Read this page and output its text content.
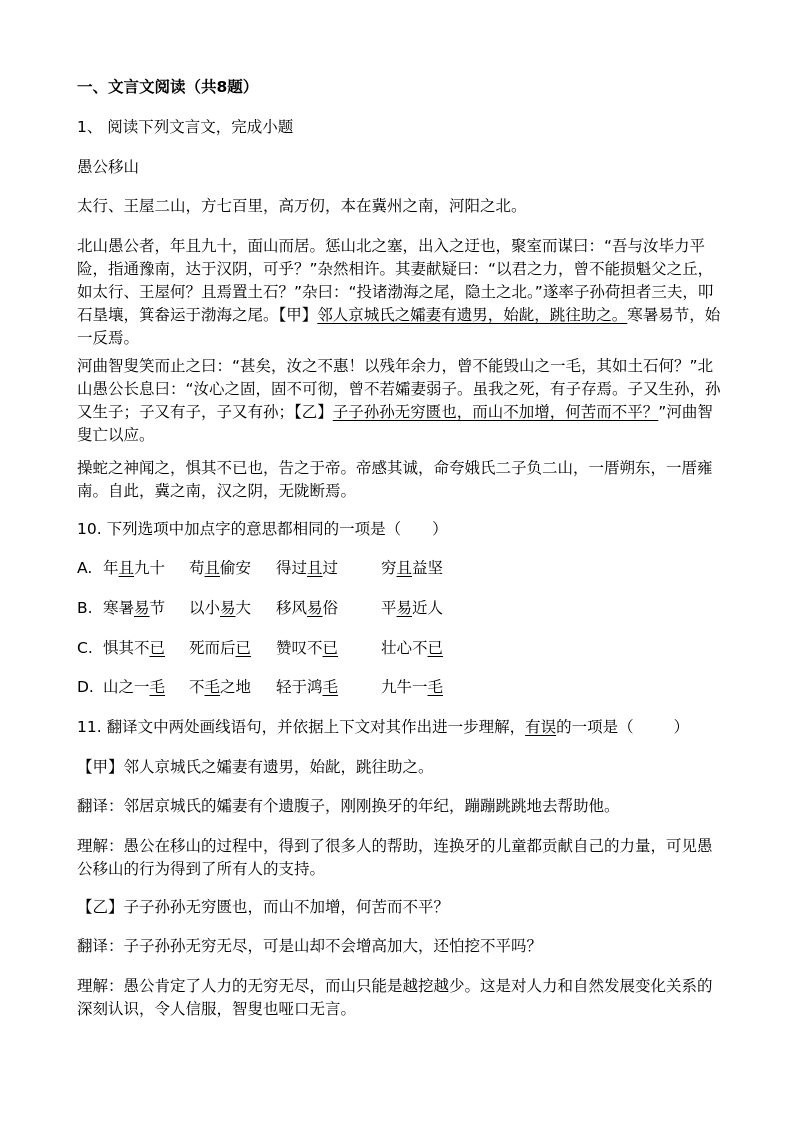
一、文言文阅读（共8题）
1、 阅读下列文言文，完成小题
愚公移山
太行、王屋二山，方七百里，高万仞，本在冀州之南，河阳之北。
北山愚公者，年且九十，面山而居。惩山北之塞，出入之迂也，聚室而谋曰：“吾与汝毕力平险，指通豫南，达于汉阴，可乎？”杂然相许。其妻献疑曰：“以君之力，曾不能损魁父之丘，如太行、王屋何？且焉置土石？”杂曰：“投诸渤海之尾，隐土之北。”遂率子孙荷担者三夫，叩石垦壤，箕畚运于渤海之尾。【甲】邻人京城氏之孀妻有遗男，始龀，跳往助之。寒暑易节，始一反焉。
河曲智叟笑而止之曰：“甚矣，汝之不惠！以残年余力，曾不能毁山之一毛，其如土石何？”北山愚公长息曰：“汝心之固，固不可彻，曾不若孀妻弱子。虽我之死，有子存焉。子又生孙，孙又生子；子又有子，子又有孙；【乙】子子孙孙无穷匮也，而山不加增，何苦而不平？”河曲智叟亡以应。
操蛇之神闻之，惧其不已也，告之于帝。帝感其诚，命夸娥氏二子负二山，一厝朔东，一厝雍南。自此，冀之南，汉之阴，无陇断焉。
10. 下列选项中加点字的意思都相同的一项是（　　）
A. 年且九十 苟且偷安 得过且过	穷且益坚
B. 寒暑易节 以小易大 移风易俗	平易近人
C. 惧其不已 死而后已 赞叹不已	壮心不已
D. 山之一毛 不毛之地 轻于鸿毛	九牛一毛
11. 翻译文中两处画线语句，并依据上下文对其作出进一步理解，有误的一项是（	）
【甲】邻人京城氏之孀妻有遗男，始龀，跳往助之。
翻译：邻居京城氏的孀妻有个遗腹子，刚刚换牙的年纪，蹦蹦跳跳地去帮助他。
理解：愚公在移山的过程中，得到了很多人的帮助，连换牙的儿童都贡献自己的力量，可见愚公移山的行为得到了所有人的支持。
【乙】子子孙孙无穷匮也，而山不加增，何苦而不平？
翻译：子子孙孙无穷无尽，可是山却不会增高加大，还怕挖不平吗？
理解：愚公肯定了人力的无穷无尽，而山只能是越挖越少。这是对人力和自然发展变化关系的深刻认识，令人信服，智叟也哑口无言。
